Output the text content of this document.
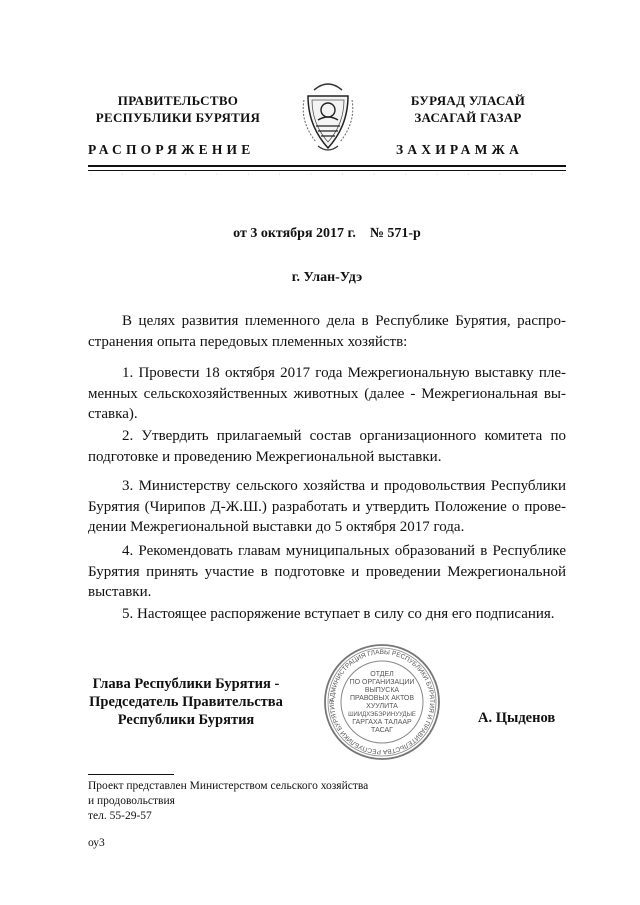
ПРАВИТЕЛЬСТВО
РЕСПУБЛИКИ БУРЯТИЯ
БУРЯАД УЛАСАЙ
ЗАСАГАЙ ГАЗАР
РАСПОРЯЖЕНИЕ	ЗАХИРАМЖА
·	·	·	·	·	·	·	·	·	·	·	·	·	·	·	·
от 3 октября 2017 г.    № 571-р
г. Улан-Удэ

В целях развития племенного дела в Республике Бурятия, распро-странения опыта передовых племенных хозяйств:

1. Провести 18 октября 2017 года Межрегиональную выставку пле-менных сельскохозяйственных животных (далее - Межрегиональная вы-ставка).

2. Утвердить прилагаемый состав организационного комитета по подготовке и проведению Межрегиональной выставки.

3. Министерству сельского хозяйства и продовольствия Республики Бурятия (Чирипов Д-Ж.Ш.) разработать и утвердить Положение о прове-дении Межрегиональной выставки до 5 октября 2017 года.

4. Рекомендовать главам муниципальных образований в Республике Бурятия принять участие в подготовке и проведении Межрегиональной выставки.

5. Настоящее распоряжение вступает в силу со дня его подписания.

Глава Республики Бурятия -
Председатель Правительства
Республики Бурятия
АДМИНИСТРАЦИЯ ГЛАВЫ РЕСПУБЛИКИ БУРЯТИЯ И ПРАВИТЕЛЬСТВА РЕСПУБЛИКИ БУРЯТИЯ
ОТДЕЛ
ПО ОРГАНИЗАЦИИ
ВЫПУСКА
ПРАВОВЫХ АКТОВ
ХУУЛИТА
ШИИДХЭБЭРИНУУДЫЕ
ГАРГАХА ТАЛААР
ТАСАГ
А. Цыденов
Проект представлен Министерством сельского хозяйства
и продовольствия
тел. 55-29-57
оу3
